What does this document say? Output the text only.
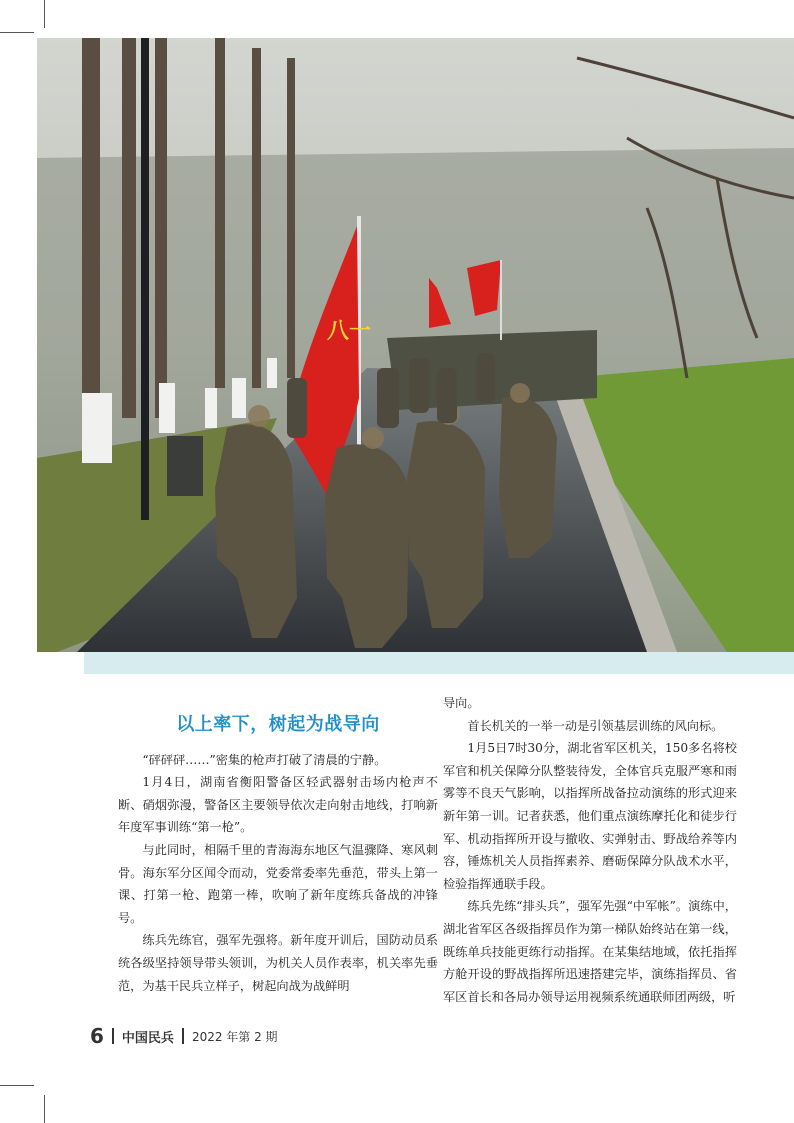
八一
以上率下，树起为战导向

“砰砰砰……”密集的枪声打破了清晨的宁静。

1月4日，湖南省衡阳警备区轻武器射击场内枪声不断、硝烟弥漫，警备区主要领导依次走向射击地线，打响新年度军事训练“第一枪”。

与此同时，相隔千里的青海海东地区气温骤降、寒风刺骨。海东军分区闻令而动，党委常委率先垂范，带头上第一课、打第一枪、跑第一棒，吹响了新年度练兵备战的冲锋号。

练兵先练官，强军先强将。新年度开训后，国防动员系统各级坚持领导带头领训，为机关人员作表率，机关率先垂范，为基干民兵立样子，树起向战为战鲜明

导向。

首长机关的一举一动是引领基层训练的风向标。

1月5日7时30分，湖北省军区机关，150多名将校军官和机关保障分队整装待发，全体官兵克服严寒和雨雾等不良天气影响，以指挥所战备拉动演练的形式迎来新年第一训。记者获悉，他们重点演练摩托化和徒步行军、机动指挥所开设与撤收、实弹射击、野战给养等内容，锤炼机关人员指挥素养、磨砺保障分队战术水平，检验指挥通联手段。

练兵先练“排头兵”，强军先强“中军帐”。演练中，湖北省军区各级指挥员作为第一梯队始终站在第一线，既练单兵技能更练行动指挥。在某集结地域，依托指挥方舱开设的野战指挥所迅速搭建完毕，演练指挥员、省军区首长和各局办领导运用视频系统通联师团两级，听

6 中国民兵 2022 年第 2 期
